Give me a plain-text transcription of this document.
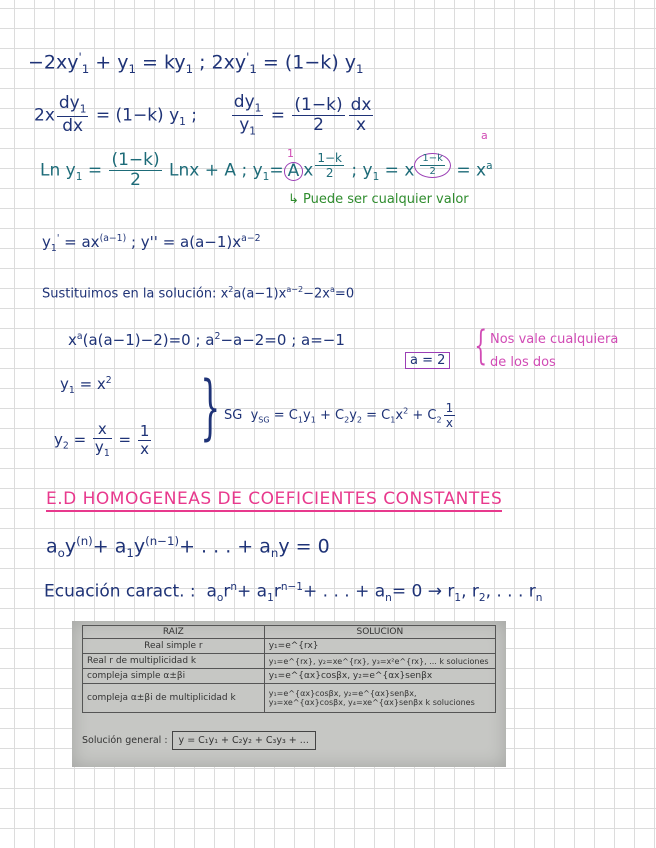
$-2xy'_1 + y_1 = ky_1$ ; $2xy'_1 = (1-k)$ $y_1$
$2x \frac{dy_1}{dx} = (1-k)$ $y_1$ ; $\frac{dy_1}{y_1} = \frac{(1-k)}{2} \frac{dx}{x}$
Ln $y_1 = \frac{(1-k)}{2}$ Lnx + A ; $y_1= A$ x $^{\frac{1-k}{2}}$ ; $y_1 = x$ $^{\frac{1-k}{2}} = x^a$
1
a
↳ Puede ser cualquier valor
$y_1' = ax^{(a-1)}$ ; $y'' = a(a-1)x^{a-2}$
Sustituimos en la solución: $x^2a(a-1)x^{a-2}-2x^a=0$
$x^a(a(a-1)-2)=0$ ; $a^2-a-2=0$ ; a=−1
a = 2 { Nos vale cualquiera
de los dos
$y_1 = x^2$
$y_2 = \frac{x}{y_1} = \frac{1}{x}$ } SG $y_{SG} = C_1y_1 + C_2y_2 = C_1x^2 + C_2 \frac{1}{x}$
E.D HOMOGENEAS DE COEFICIENTES CONSTANTES
$a_oy^{(n)}+ a_1y^{(n-1)}+$ . . . + $a_ny = 0$
Ecuación caract. : $a_or^n+ a_1r^{n-1}+$ . . . + $a_n= 0 \to r_1$, $r_2$, . . . $r_n$
RAIZ	SOLUCION
Real simple r	y₁=e^{rx}
Real r de multiplicidad k	y₁=e^{rx}, y₂=xe^{rx}, y₃=x²e^{rx}, ... k soluciones
compleja simple α±βi	y₁=e^{αx}cosβx, y₂=e^{αx}senβx
compleja α±βi de multiplicidad k	y₁=e^{αx}cosβx, y₂=e^{αx}senβx, y₃=xe^{αx}cosβx, y₄=xe^{αx}senβx k soluciones
Solución general : y = C₁y₁ + C₂y₂ + C₃y₃ + ...
